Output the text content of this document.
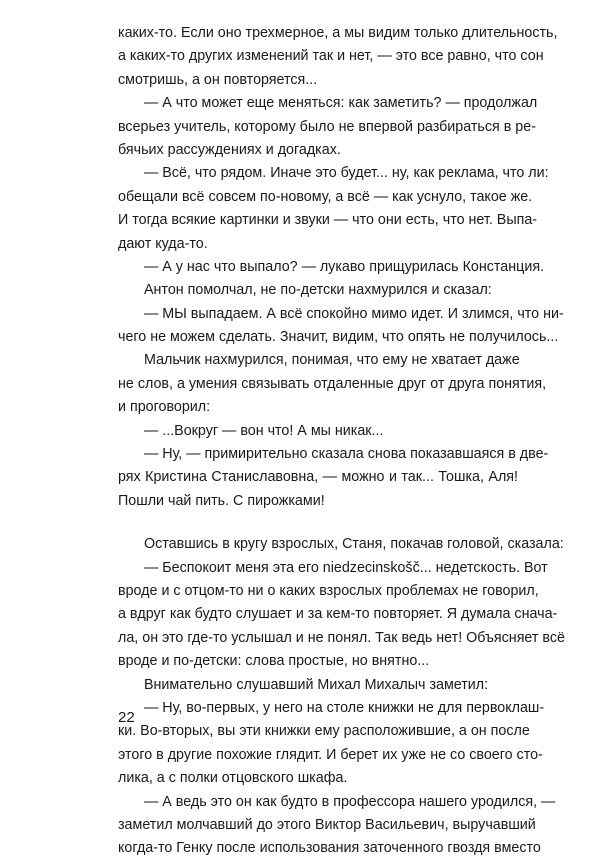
каких-то. Если оно трехмерное, а мы видим только длительность,
а каких-то других изменений так и нет, — это все равно, что сон
смотришь, а он повторяется...
— А что может еще меняться: как заметить? — продолжал
всерьез учитель, которому было не впервой разбираться в ре-
бячьих рассуждениях и догадках.
— Всё, что рядом. Иначе это будет... ну, как реклама, что ли:
обещали всё совсем по-новому, а всё — как уснуло, такое же.
И тогда всякие картинки и звуки — что они есть, что нет. Выпа-
дают куда-то.
— А у нас что выпало? — лукаво прищурилась Констанция.
Антон помолчал, не по-детски нахмурился и сказал:
— МЫ выпадаем. А всё спокойно мимо идет. И злимся, что ни-
чего не можем сделать. Значит, видим, что опять не получилось...
Мальчик нахмурился, понимая, что ему не хватает даже
не слов, а умения связывать отдаленные друг от друга понятия,
и проговорил:
— ...Вокруг — вон что! А мы никак...
— Ну, — примирительно сказала снова показавшаяся в две-
рях Кристина Станиславовна, — можно и так... Тошка, Аля!
Пошли чай пить. С пирожками!
Оставшись в кругу взрослых, Станя, покачав головой, сказала:
— Беспокоит меня эта его niedzecinskošč... недетскость. Вот
вроде и с отцом-то ни о каких взрослых проблемах не говорил,
а вдруг как будто слушает и за кем-то повторяет. Я думала снача-
ла, он это где-то услышал и не понял. Так ведь нет! Объясняет всё
вроде и по-детски: слова простые, но внятно...
Внимательно слушавший Михал Михалыч заметил:
— Ну, во-первых, у него на столе книжки не для первоклаш-
ки. Во-вторых, вы эти книжки ему расположившие, а он после
этого в другие похожие глядит. И берет их уже не со своего сто-
лика, а с полки отцовского шкафа.
— А ведь это он как будто в профессора нашего уродился, —
заметил молчавший до этого Виктор Васильевич, выручавший
когда-то Генку после использования заточенного гвоздя вместо
22
